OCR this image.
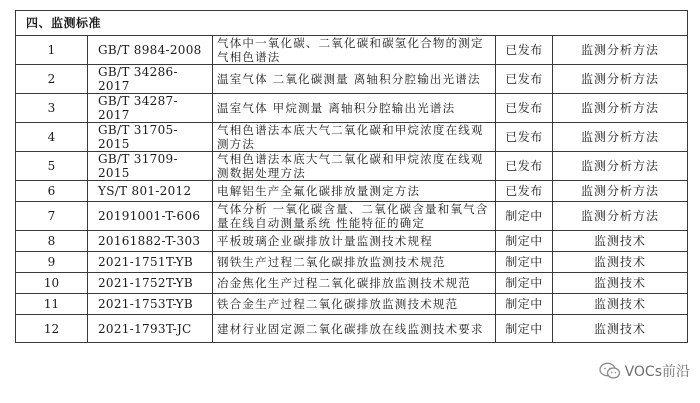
四、监测标准				
1	GB/T 8984-2008	气体中一氧化碳、二氧化碳和碳氢化合物的测定 气相色谱法	已发布	监测分析方法
2	GB/T 34286-2017	温室气体 二氧化碳测量 离轴积分腔输出光谱法	已发布	监测分析方法
3	GB/T 34287-2017	温室气体 甲烷测量 离轴积分腔输出光谱法	已发布	监测分析方法
4	GB/T 31705-2015	气相色谱法本底大气二氧化碳和甲烷浓度在线观测方法	已发布	监测分析方法
5	GB/T 31709-2015	气相色谱法本底大气二氧化碳和甲烷浓度在线观测数据处理方法	已发布	监测分析方法
6	YS/T 801-2012	电解铝生产全氟化碳排放量测定方法	已发布	监测分析方法
7	20191001-T-606	气体分析 一氧化碳含量、二氧化碳含量和氧气含量在线自动测量系统 性能特征的确定	制定中	监测分析方法
8	20161882-T-303	平板玻璃企业碳排放计量监测技术规程	制定中	监测技术
9	2021-1751T-YB	钢铁生产过程二氧化碳排放监测技术规范	制定中	监测技术
10	2021-1752T-YB	冶金焦化生产过程二氧化碳排放监测技术规范	制定中	监测技术
11	2021-1753T-YB	铁合金生产过程二氧化碳排放监测技术规范	制定中	监测技术
12	2021-1793T-JC	建材行业固定源二氧化碳排放在线监测技术要求	制定中	监测技术
VOCs前沿
